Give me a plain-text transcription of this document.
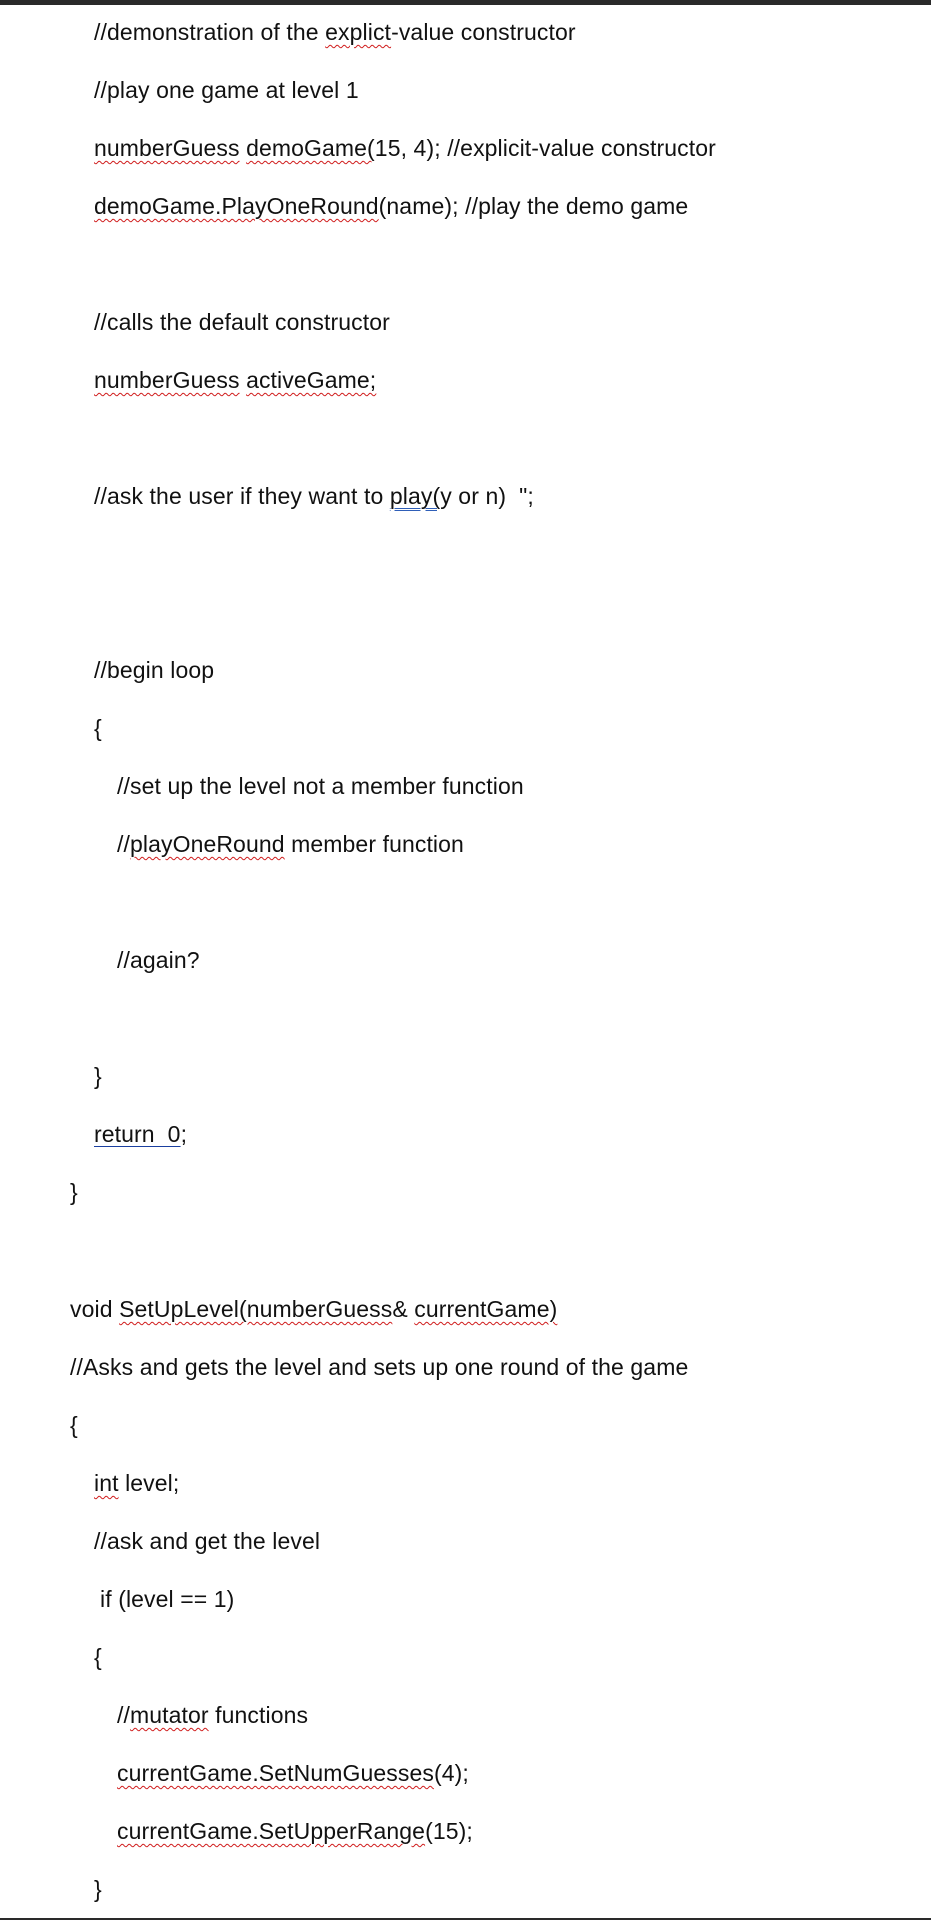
//demonstration of the explict-value constructor
//play one game at level 1
numberGuess demoGame(15, 4); //explicit-value constructor
demoGame.PlayOneRound(name); //play the demo game
//calls the default constructor
numberGuess activeGame;
//ask the user if they want to play(y or n)  ";
//begin loop
{
//set up the level not a member function
//playOneRound member function
//again?
}
return  0;
}
void SetUpLevel(numberGuess& currentGame)
//Asks and gets the level and sets up one round of the game
{
int level;
//ask and get the level
if (level == 1)
{
//mutator functions
currentGame.SetNumGuesses(4);
currentGame.SetUpperRange(15);
}
